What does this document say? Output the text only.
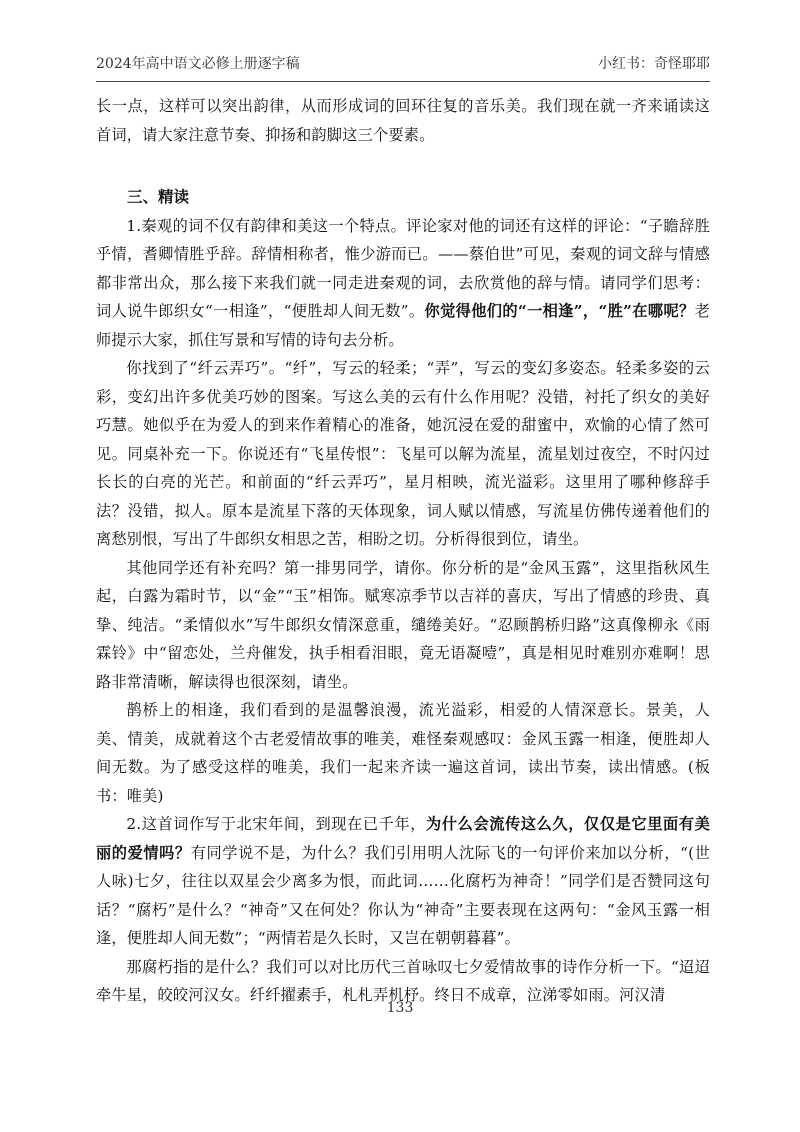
2024年高中语文必修上册逐字稿	小红书：奇怪耶耶

长一点，这样可以突出韵律，从而形成词的回环往复的音乐美。我们现在就一齐来诵读这首词，请大家注意节奏、抑扬和韵脚这三个要素。

三、精读

1.秦观的词不仅有韵律和美这一个特点。评论家对他的词还有这样的评论：“子瞻辞胜乎情，耆卿情胜乎辞。辞情相称者，惟少游而已。——蔡伯世”可见，秦观的词文辞与情感都非常出众，那么接下来我们就一同走进秦观的词，去欣赏他的辞与情。请同学们思考：词人说牛郎织女“一相逢”，“便胜却人间无数”。你觉得他们的“一相逢”，“胜”在哪呢？老师提示大家，抓住写景和写情的诗句去分析。

你找到了“纤云弄巧”。“纤”，写云的轻柔；“弄”，写云的变幻多姿态。轻柔多姿的云彩，变幻出许多优美巧妙的图案。写这么美的云有什么作用呢？没错，衬托了织女的美好巧慧。她似乎在为爱人的到来作着精心的准备，她沉浸在爱的甜蜜中，欢愉的心情了然可见。同桌补充一下。你说还有“飞星传恨”：飞星可以解为流星，流星划过夜空，不时闪过长长的白亮的光芒。和前面的“纤云弄巧”，星月相映，流光溢彩。这里用了哪种修辞手法？没错，拟人。原本是流星下落的天体现象，词人赋以情感，写流星仿佛传递着他们的离愁别恨，写出了牛郎织女相思之苦，相盼之切。分析得很到位，请坐。

其他同学还有补充吗？第一排男同学，请你。你分析的是“金风玉露”，这里指秋风生起，白露为霜时节，以“金”“玉”相饰。赋寒凉季节以吉祥的喜庆，写出了情感的珍贵、真挚、纯洁。“柔情似水”写牛郎织女情深意重，缱绻美好。“忍顾鹊桥归路”这真像柳永《雨霖铃》中“留恋处，兰舟催发，执手相看泪眼，竟无语凝噎”，真是相见时难别亦难啊！思路非常清晰，解读得也很深刻，请坐。

鹊桥上的相逢，我们看到的是温馨浪漫，流光溢彩，相爱的人情深意长。景美，人美、情美，成就着这个古老爱情故事的唯美，难怪秦观感叹：金风玉露一相逢，便胜却人间无数。为了感受这样的唯美，我们一起来齐读一遍这首词，读出节奏，读出情感。(板书：唯美)

2.这首词作写于北宋年间，到现在已千年，为什么会流传这么久，仅仅是它里面有美丽的爱情吗？有同学说不是，为什么？我们引用明人沈际飞的一句评价来加以分析，“(世人咏)七夕，往往以双星会少离多为恨，而此词……化腐朽为神奇！”同学们是否赞同这句话？“腐朽”是什么？“神奇”又在何处？你认为“神奇”主要表现在这两句：“金风玉露一相逢，便胜却人间无数”；“两情若是久长时，又岂在朝朝暮暮”。

那腐朽指的是什么？我们可以对比历代三首咏叹七夕爱情故事的诗作分析一下。“迢迢牵牛星，皎皎河汉女。纤纤擢素手，札札弄机杼。终日不成章，泣涕零如雨。河汉清

133
